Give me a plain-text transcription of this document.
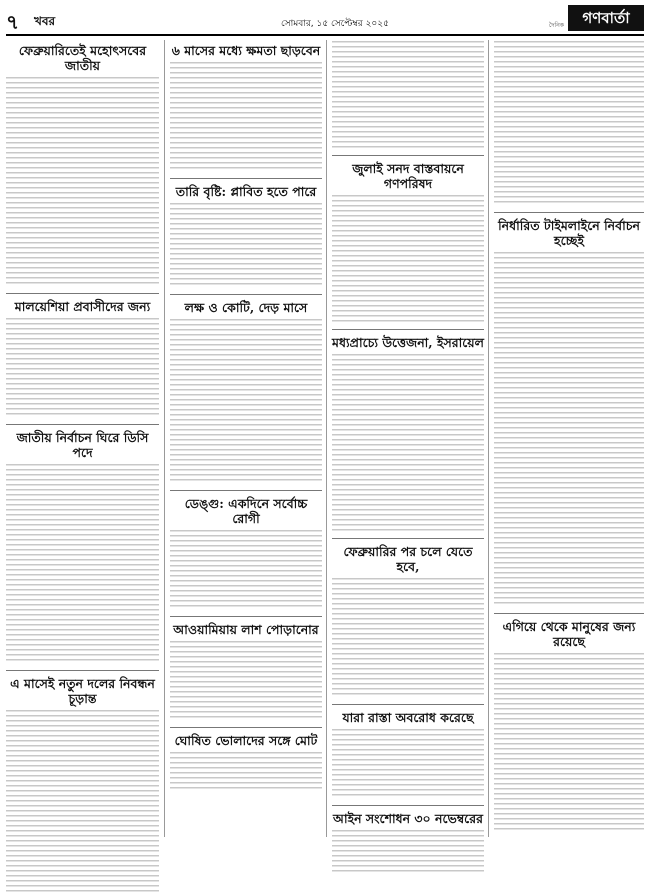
৭ খবর	সোমবার, ১৫ সেপ্টেম্বর ২০২৫	দৈনিক	গণবার্তা
ফেব্রুয়ারিতেই মহোৎসবের জাতীয়
মালয়েশিয়া প্রবাসীদের জন্য
জাতীয় নির্বাচন ঘিরে ডিসি পদে
এ মাসেই নতুন দলের নিবন্ধন চূড়ান্ত
৬ মাসের মধ্যে ক্ষমতা ছাড়বেন
তারি বৃষ্টি: প্লাবিত হতে পারে
লক্ষ ও কোটি, দেড় মাসে
ডেঙ্গু: একদিনে সর্বোচ্চ রোগী
আওয়ামিয়ায় লাশ পোড়ানোর
ঘোষিত ভোলাদের সঙ্গে মোট
জুলাই সনদ বাস্তবায়নে গণপরিষদ
মধ্যপ্রাচ্যে উত্তেজনা, ইসরায়েল
ফেব্রুয়ারির পর চলে যেতে হবে,
যারা রাস্তা অবরোধ করেছে
আইন সংশোধন ৩০ নভেম্বরের
নির্ধারিত টাইমলাইনে নির্বাচন হচ্ছেই
এগিয়ে থেকে মানুষের জন্য রয়েছে
